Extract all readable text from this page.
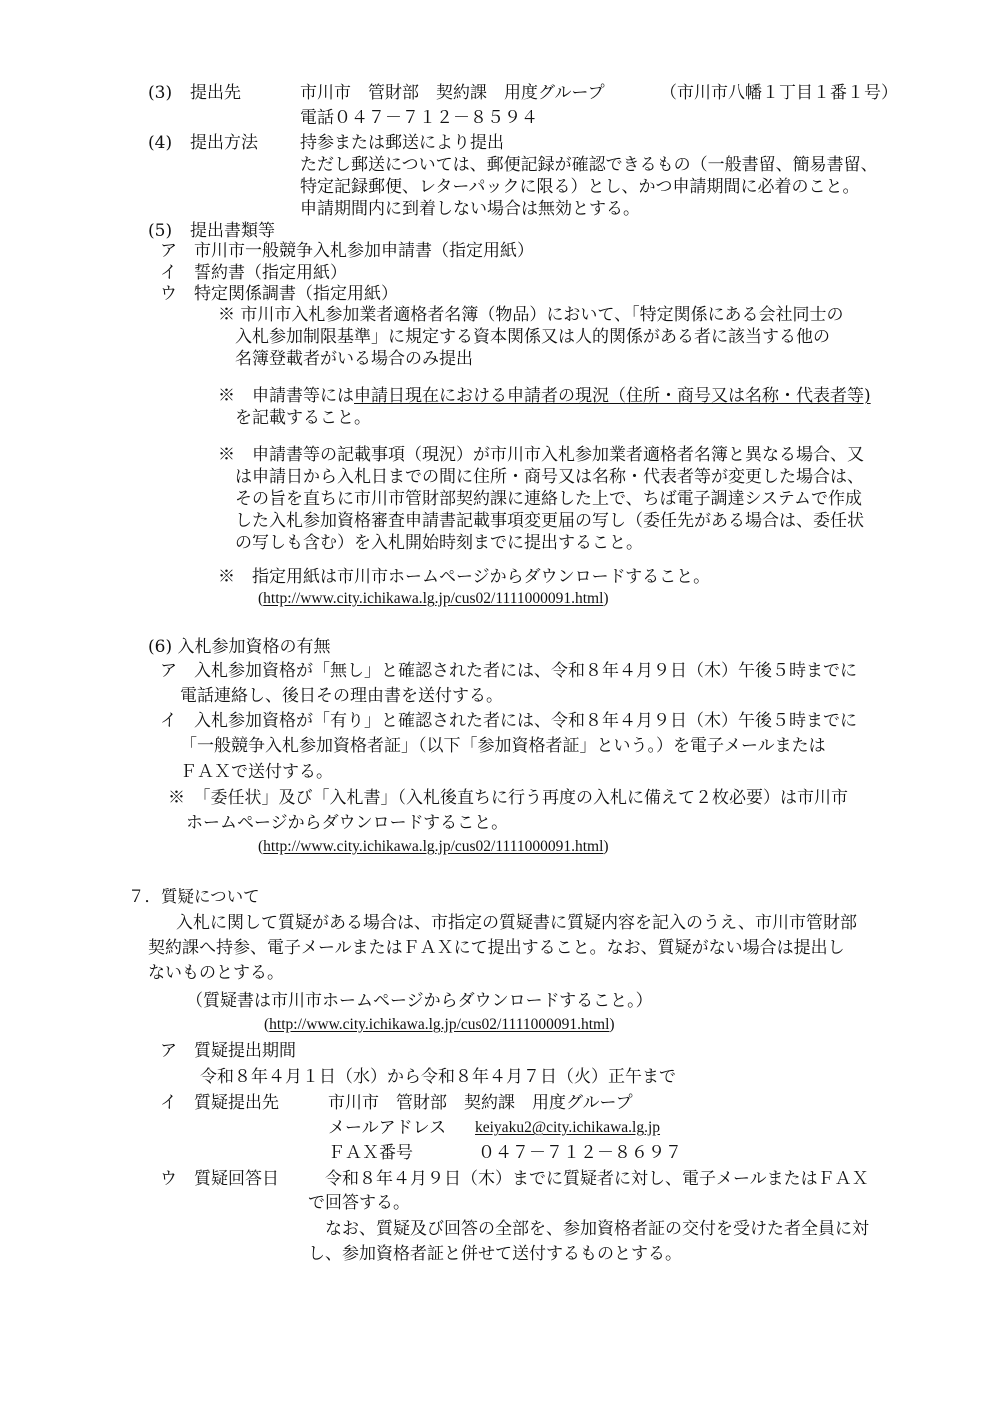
(3) 提出先	市川市　管財部　契約課　用度グループ	（市川市八幡１丁目１番１号）
電話０４７－７１２－８５９４
(4) 提出方法 持参または郵送により提出
ただし郵送については、郵便記録が確認できるもの（一般書留、簡易書留、
特定記録郵便、レターパックに限る）とし、かつ申請期間に必着のこと。
申請期間内に到着しない場合は無効とする。
(5) 提出書類等
ア　市川市一般競争入札参加申請書（指定用紙）
イ　誓約書（指定用紙）
ウ　特定関係調書（指定用紙）
※ 市川市入札参加業者適格者名簿（物品）において、「特定関係にある会社同士の
入札参加制限基準」に規定する資本関係又は人的関係がある者に該当する他の
名簿登載者がいる場合のみ提出
※　申請書等には申請日現在における申請者の現況（住所・商号又は名称・代表者等)
を記載すること。
※　申請書等の記載事項（現況）が市川市入札参加業者適格者名簿と異なる場合、又
は申請日から入札日までの間に住所・商号又は名称・代表者等が変更した場合は、
その旨を直ちに市川市管財部契約課に連絡した上で、ちば電子調達システムで作成
した入札参加資格審査申請書記載事項変更届の写し（委任先がある場合は、委任状
の写しも含む）を入札開始時刻までに提出すること。
※　指定用紙は市川市ホームページからダウンロードすること。
(http://www.city.ichikawa.lg.jp/cus02/1111000091.html)
(6) 入札参加資格の有無
ア　入札参加資格が「無し」と確認された者には、令和８年４月９日（木）午後５時までに
電話連絡し、後日その理由書を送付する。
イ　入札参加資格が「有り」と確認された者には、令和８年４月９日（木）午後５時までに
「一般競争入札参加資格者証」（以下「参加資格者証」という。）を電子メールまたは
ＦＡＸで送付する。
※　「委任状」及び「入札書」（入札後直ちに行う再度の入札に備えて２枚必要）は市川市
ホームページからダウンロードすること。
(http://www.city.ichikawa.lg.jp/cus02/1111000091.html)
７．質疑について
入札に関して質疑がある場合は、市指定の質疑書に質疑内容を記入のうえ、市川市管財部
契約課へ持参、電子メールまたはＦＡＸにて提出すること。なお、質疑がない場合は提出し
ないものとする。
（質疑書は市川市ホームページからダウンロードすること。）
(http://www.city.ichikawa.lg.jp/cus02/1111000091.html)
ア　質疑提出期間
令和８年４月１日（水）から令和８年４月７日（火）正午まで
イ　質疑提出先	市川市　管財部　契約課　用度グループ
メールアドレス keiyaku2@city.ichikawa.lg.jp
ＦＡＸ番号	０４７－７１２－８６９７
ウ　質疑回答日	令和８年４月９日（木）までに質疑者に対し、電子メールまたはＦＡＸ
で回答する。
なお、質疑及び回答の全部を、参加資格者証の交付を受けた者全員に対
し、参加資格者証と併せて送付するものとする。
